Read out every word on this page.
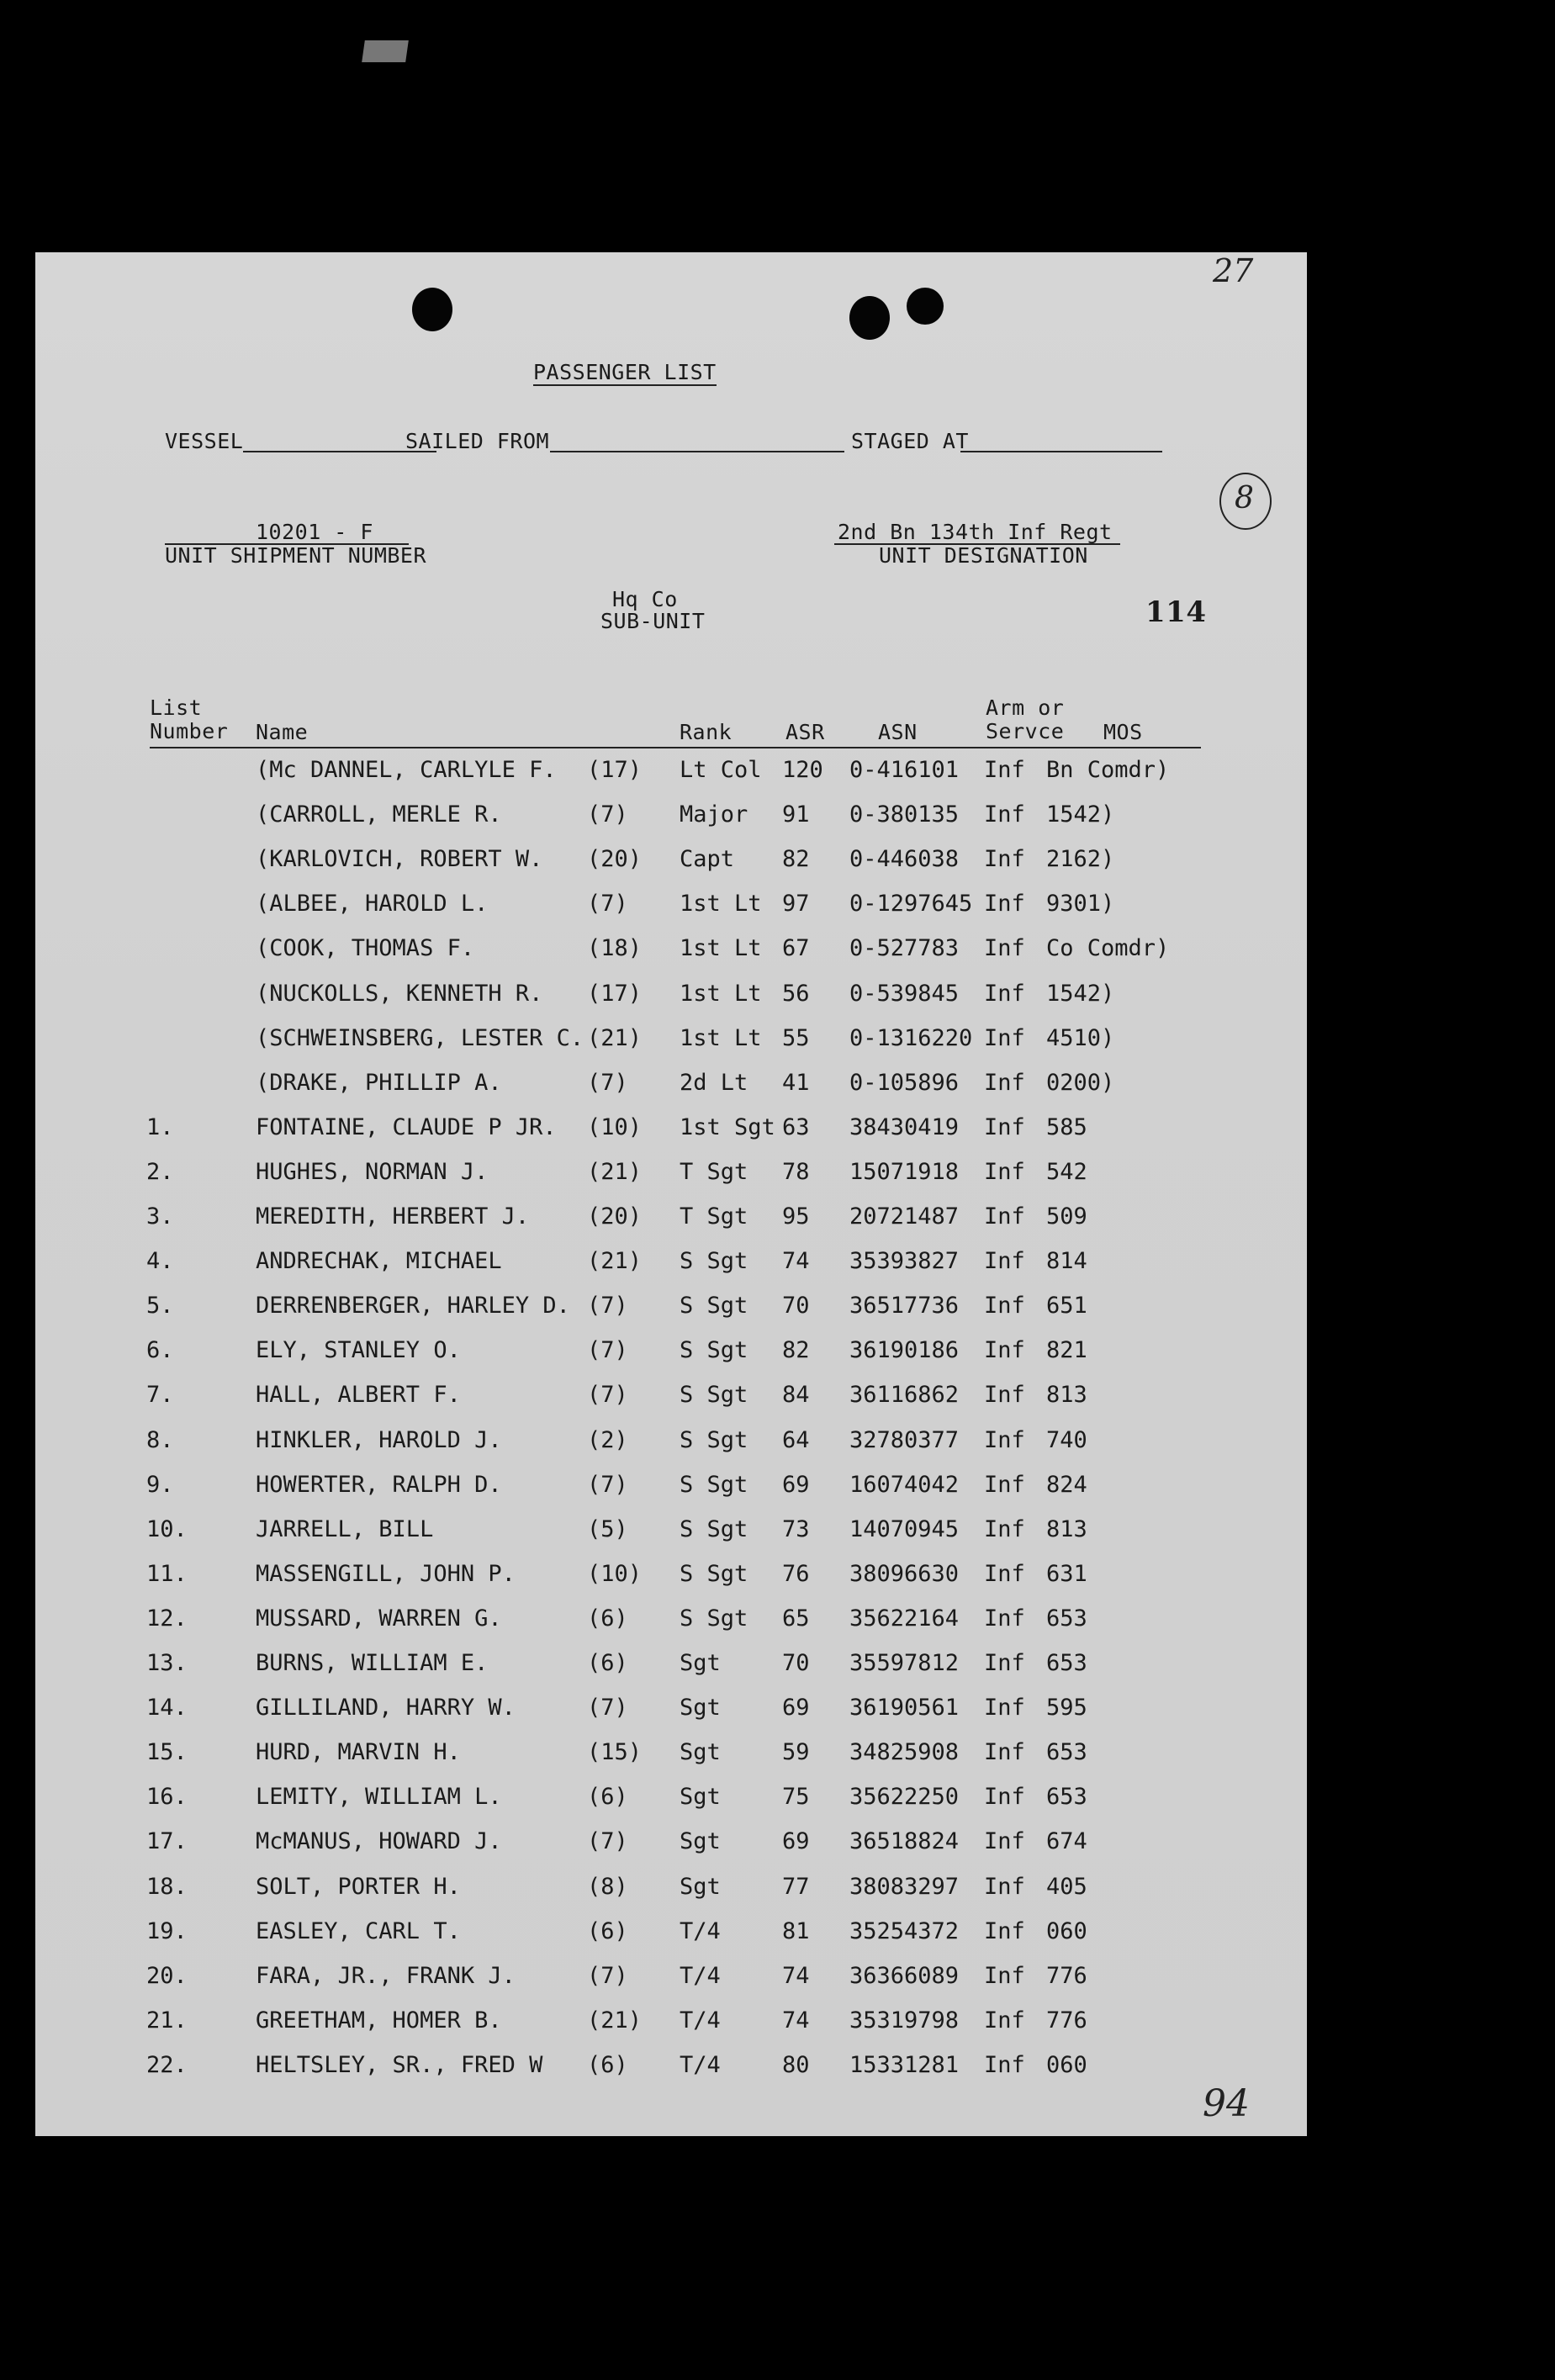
27
8
PASSENGER LIST
VESSEL	SAILED FROM	STAGED AT
10201 - F
UNIT SHIPMENT NUMBER
2nd Bn 134th Inf Regt
UNIT DESIGNATION
Hq Co
SUB-UNIT	114
List
Number Name	Rank	ASR	ASN
Arm or
Servce MOS
(Mc DANNEL, CARLYLE F. (17) Lt Col 120 0-416101 Inf Bn Comdr)
(CARROLL, MERLE R.	(7) Major 91 0-380135 Inf 1542)
(KARLOVICH, ROBERT W. (20) Capt 82 0-446038 Inf 2162)
(ALBEE, HAROLD L.	(7) 1st Lt 97 0-1297645 Inf 9301)
(COOK, THOMAS F.	(18) 1st Lt 67 0-527783 Inf Co Comdr)
(NUCKOLLS, KENNETH R. (17) 1st Lt 56 0-539845 Inf 1542)
(SCHWEINSBERG, LESTER C. (21) 1st Lt 55 0-1316220 Inf 4510)
(DRAKE, PHILLIP A.	(7) 2d Lt 41 0-105896 Inf 0200)
1.	FONTAINE, CLAUDE P JR. (10) 1st Sgt 63 38430419 Inf 585
2.	HUGHES, NORMAN J.	(21) T Sgt 78 15071918 Inf 542
3.	MEREDITH, HERBERT J.	(20) T Sgt 95 20721487 Inf 509
4.	ANDRECHAK, MICHAEL	(21) S Sgt 74 35393827 Inf 814
5.	DERRENBERGER, HARLEY D. (7) S Sgt 70 36517736 Inf 651
6.	ELY, STANLEY O.	(7) S Sgt 82 36190186 Inf 821
7.	HALL, ALBERT F.	(7) S Sgt 84 36116862 Inf 813
8.	HINKLER, HAROLD J.	(2) S Sgt 64 32780377 Inf 740
9.	HOWERTER, RALPH D.	(7) S Sgt 69 16074042 Inf 824
10.	JARRELL, BILL	(5) S Sgt 73 14070945 Inf 813
11.	MASSENGILL, JOHN P.	(10) S Sgt 76 38096630 Inf 631
12.	MUSSARD, WARREN G.	(6) S Sgt 65 35622164 Inf 653
13.	BURNS, WILLIAM E.	(6) Sgt	70 35597812 Inf 653
14.	GILLILAND, HARRY W.	(7) Sgt	69 36190561 Inf 595
15.	HURD, MARVIN H.	(15) Sgt	59 34825908 Inf 653
16.	LEMITY, WILLIAM L.	(6) Sgt	75 35622250 Inf 653
17.	McMANUS, HOWARD J.	(7) Sgt	69 36518824 Inf 674
18.	SOLT, PORTER H.	(8) Sgt	77 38083297 Inf 405
19.	EASLEY, CARL T.	(6) T/4	81 35254372 Inf 060
20.	FARA, JR., FRANK J.	(7) T/4	74 36366089 Inf 776
21.	GREETHAM, HOMER B.	(21) T/4	74 35319798 Inf 776
22.	HELTSLEY, SR., FRED W (6) T/4	80 15331281 Inf 060
94
